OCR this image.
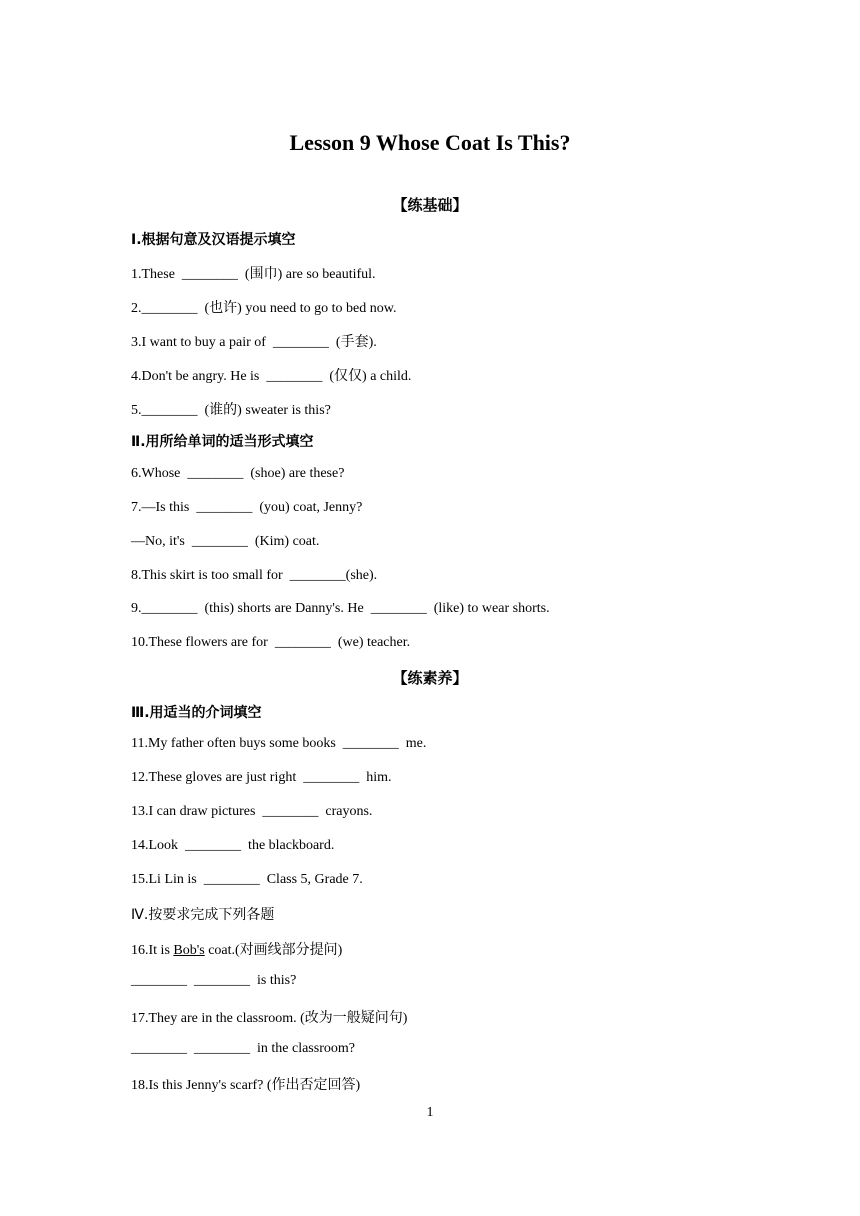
Lesson 9 Whose Coat Is This?
【练基础】
Ⅰ.根据句意及汉语提示填空
1.These  ________  (围巾) are so beautiful.
2.________  (也许) you need to go to bed now.
3.I want to buy a pair of  ________  (手套).
4.Don't be angry. He is  ________  (仅仅) a child.
5.________  (谁的) sweater is this?
Ⅱ.用所给单词的适当形式填空
6.Whose  ________  (shoe) are these?
7.—Is this  ________  (you) coat, Jenny?
—No, it's  ________  (Kim) coat.
8.This skirt is too small for  ________(she).
9.________  (this) shorts are Danny's. He  ________  (like) to wear shorts.
10.These flowers are for  ________  (we) teacher.
【练素养】
Ⅲ.用适当的介词填空
11.My father often buys some books  ________  me.
12.These gloves are just right  ________  him.
13.I can draw pictures  ________  crayons.
14.Look  ________  the blackboard.
15.Li Lin is  ________  Class 5, Grade 7.
Ⅳ.按要求完成下列各题
16.It is Bob's coat.(对画线部分提问)
________  ________  is this?
17.They are in the classroom. (改为一般疑问句)
________  ________  in the classroom?
18.Is this Jenny's scarf? (作出否定回答)
1
